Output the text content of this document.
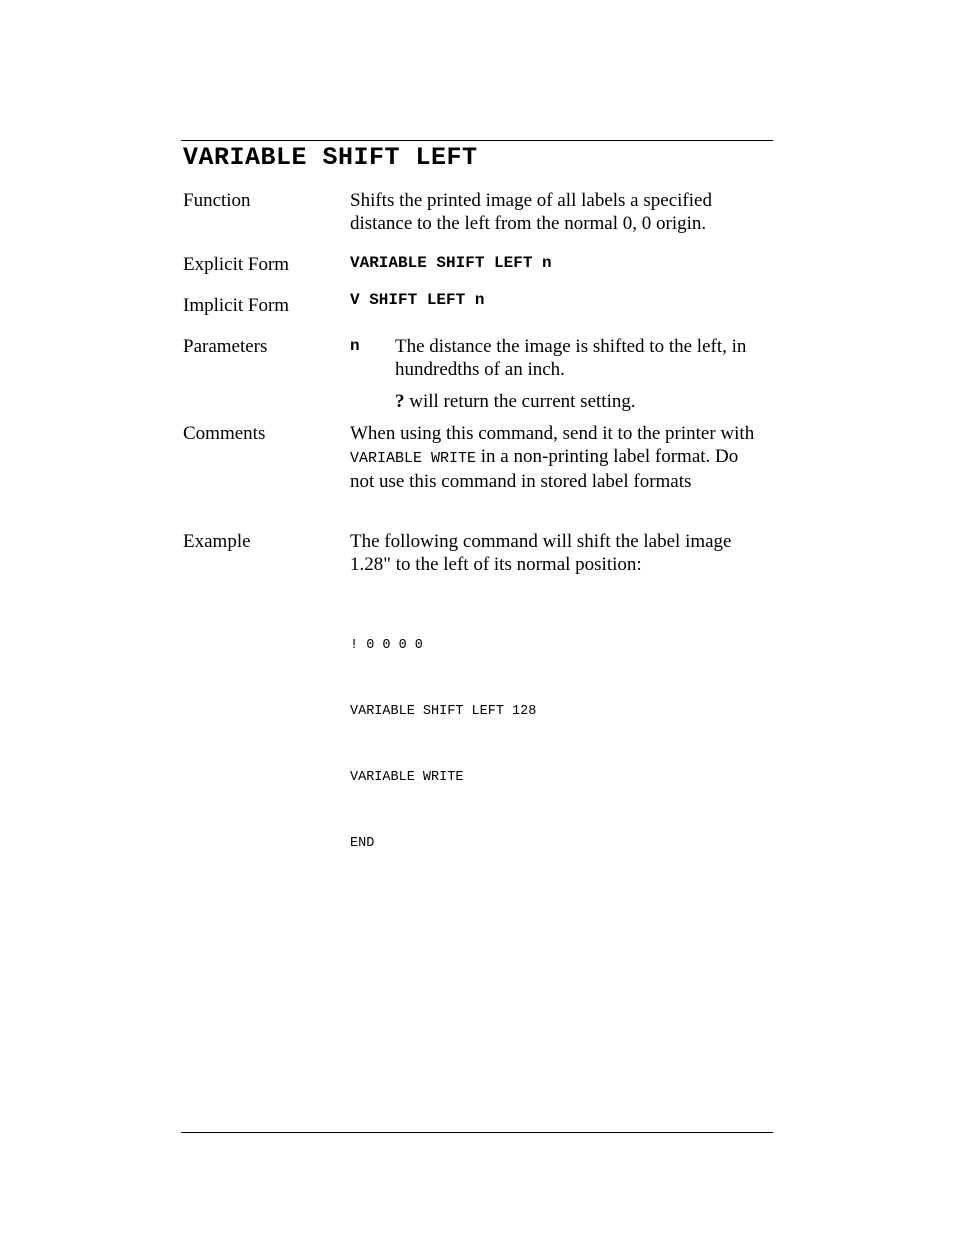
VARIABLE SHIFT LEFT
Function	Shifts the printed image of all labels a specified distance to the left from the normal 0, 0 origin.
Explicit Form	VARIABLE SHIFT LEFT n
Implicit Form	V SHIFT LEFT n
Parameters	n The distance the image is shifted to the left, in hundredths of an inch.
? will return the current setting.
Comments	When using this command, send it to the printer with VARIABLE WRITE in a non-printing label format. Do not use this command in stored label formats
Example	The following command will shift the label image 1.28" to the left of its normal position:

! 0 0 0 0

VARIABLE SHIFT LEFT 128

VARIABLE WRITE

END
